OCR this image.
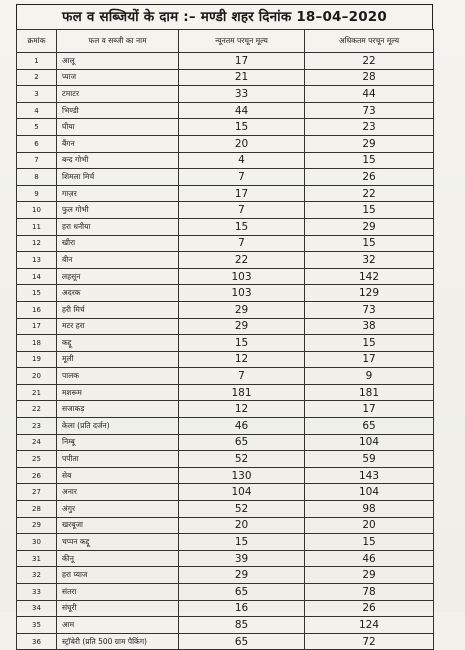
फल व सब्जियों के दाम :– मण्डी शहर दिनांक 18–04–2020
क्रमांक	फल व सब्जी का नाम	न्यूनतम परचून मूल्य	अधिकतम परचून मूल्य
1	आलू	17	22
2	प्याज	21	28
3	टमाटर	33	44
4	भिण्डी	44	73
5	घीया	15	23
6	बैंगन	20	29
7	बन्द गोभी	4	15
8	शिमला मिर्च	7	26
9	गाज़र	17	22
10	फुल गोभी	7	15
11	हरा धनीया	15	29
12	खीरा	7	15
13	बीन	22	32
14	लहसून	103	142
15	अदरक	103	129
16	हरी मिर्च	29	73
17	मटर हरा	29	38
18	कद्दू	15	15
19	मूली	12	17
20	पालक	7	9
21	मशरूम	181	181
22	सजाकड़	12	17
23	केला (प्रति दर्जन)	46	65
24	निम्बू	65	104
25	पपीता	52	59
26	सेब	130	143
27	अनार	104	104
28	अंगुर	52	98
29	खरबूजा	20	20
30	चप्पन कद्दू	15	15
31	कीनू	39	46
32	हरा प्याज	29	29
33	संतरा	65	78
34	संघूरी	16	26
35	आम	85	124
36	स्ट्रॉबेरी (प्रति 500 ग्राम पैकिंग)	65	72
